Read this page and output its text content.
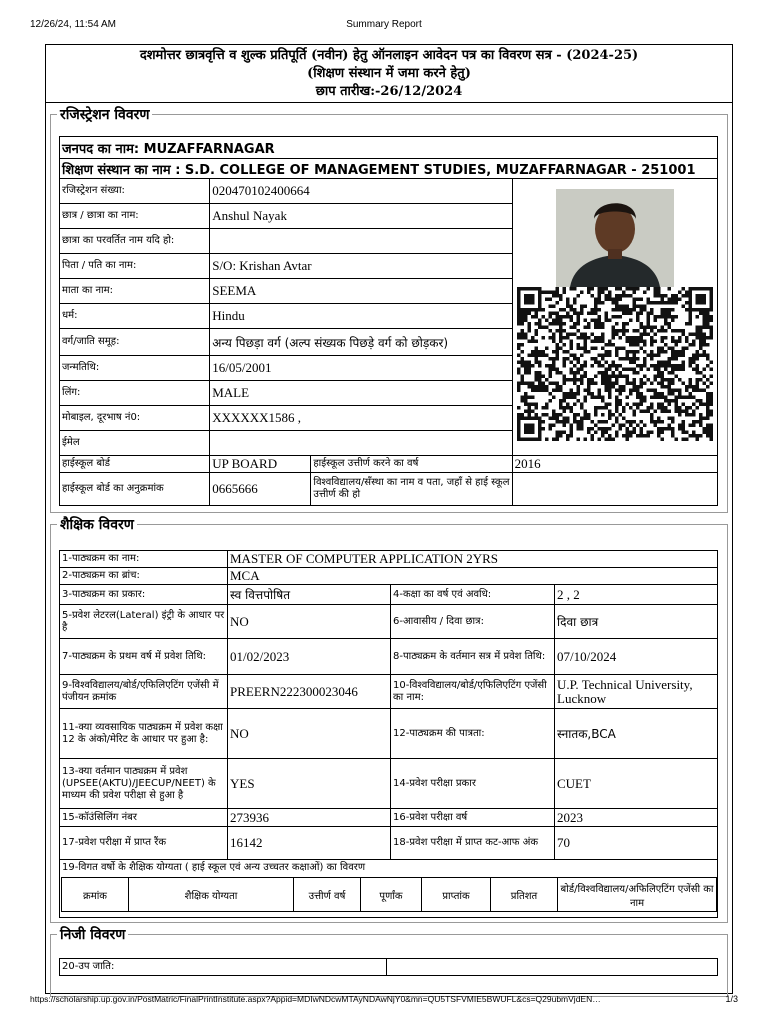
12/26/24, 11:54 AM	Summary Report
दशमोत्तर छात्रवृत्ति व शुल्क प्रतिपूर्ति (नवीन) हेतु ऑनलाइन आवेदन पत्र का विवरण सत्र - (2024-25)
(शिक्षण संस्थान में जमा करने हेतु)
छाप तारीख:-26/12/2024
रजिस्ट्रेशन विवरण
जनपद का नाम: MUZAFFARNAGAR			
शिक्षण संस्थान का नाम : S.D. COLLEGE OF MANAGEMENT STUDIES, MUZAFFARNAGAR - 251001			
रजिस्ट्रेशन संख्या:	020470102400664	

छात्र / छात्रा का नाम:	Anshul Nayak		
छात्रा का परवर्तित नाम यदि हो:			
पिता / पति का नाम:	S/O: Krishan Avtar		
माता का नाम:	SEEMA		
धर्म:	Hindu		
वर्ग/जाति समूह:	अन्य पिछड़ा वर्ग (अल्प संख्यक पिछड़े वर्ग को छोड़कर)		
जन्मतिथि:	16/05/2001		
लिंग:	MALE		
मोबाइल, दूरभाष नं0:	XXXXXX1586 ,		
ईमेल			
हाईस्कूल बोर्ड	UP BOARD	हाईस्कूल उत्तीर्ण करने का वर्ष	2016
हाईस्कूल बोर्ड का अनुक्रमांक	0665666	विश्वविद्यालय/सँस्था का नाम व पता, जहाँ से हाई स्कूल उत्तीर्ण की हो	
शैक्षिक विवरण
1-पाठ्यक्रम का नाम:	MASTER OF COMPUTER APPLICATION 2YRS
2-पाठ्यक्रम का ब्रांच:	MCA
3-पाठ्यक्रम का प्रकार:	स्व वित्तपोषित	4-कक्षा का वर्ष एवं अवधि:	2 , 2
5-प्रवेश लेटरल(Lateral) इंट्री के आधार पर है	NO	6-आवासीय / दिवा छात्र:	दिवा छात्र
7-पाठ्यक्रम के प्रथम वर्ष में प्रवेश तिथि:	01/02/2023	8-पाठ्यक्रम के वर्तमान सत्र में प्रवेश तिथि:	07/10/2024
9-विश्वविद्यालय/बोर्ड/एफिलिएटिंग एजेंसी में पंजीयन क्रमांक	PREERN222300023046	10-विश्वविद्यालय/बोर्ड/एफिलिएटिंग एजेंसी का नाम:	U.P. Technical University, Lucknow
11-क्या व्यवसायिक पाठ्यक्रम में प्रवेश कक्षा 12 के अंको/मेरिट के आधार पर हुआ है:	NO	12-पाठ्यक्रम की पात्रता:	स्नातक,BCA
13-क्या वर्तमान पाठ्यक्रम में प्रवेश (UPSEE(AKTU)/JEECUP/NEET) के माध्यम की प्रवेश परीक्षा से हुआ है	YES	14-प्रवेश परीक्षा प्रकार	CUET
15-कॉउंसिलिंग नंबर	273936	16-प्रवेश परीक्षा वर्ष	2023
17-प्रवेश परीक्षा में प्राप्त रैंक	16142	18-प्रवेश परीक्षा में प्राप्त कट-आफ अंक	70

19-विगत वर्षो के शैक्षिक योग्यता ( हाई स्कूल एवं अन्य उच्चतर कक्षाओं) का विवरण
क्रमांक	शैक्षिक योग्यता	उत्तीर्ण वर्ष	पूर्णांक	प्राप्तांक	प्रतिशत	बोर्ड/विश्वविद्यालय/अफिलिएटिंग एजेंसी का नाम
निजी विवरण
20-उप जाति:	
https://scholarship.up.gov.in/PostMatric/FinalPrintInstitute.aspx?Appid=MDIwNDcwMTAyNDAwNjY0&mn=QU5TSFVMIE5BWUFL&cs=Q29ubmVjdEN…	1/3
